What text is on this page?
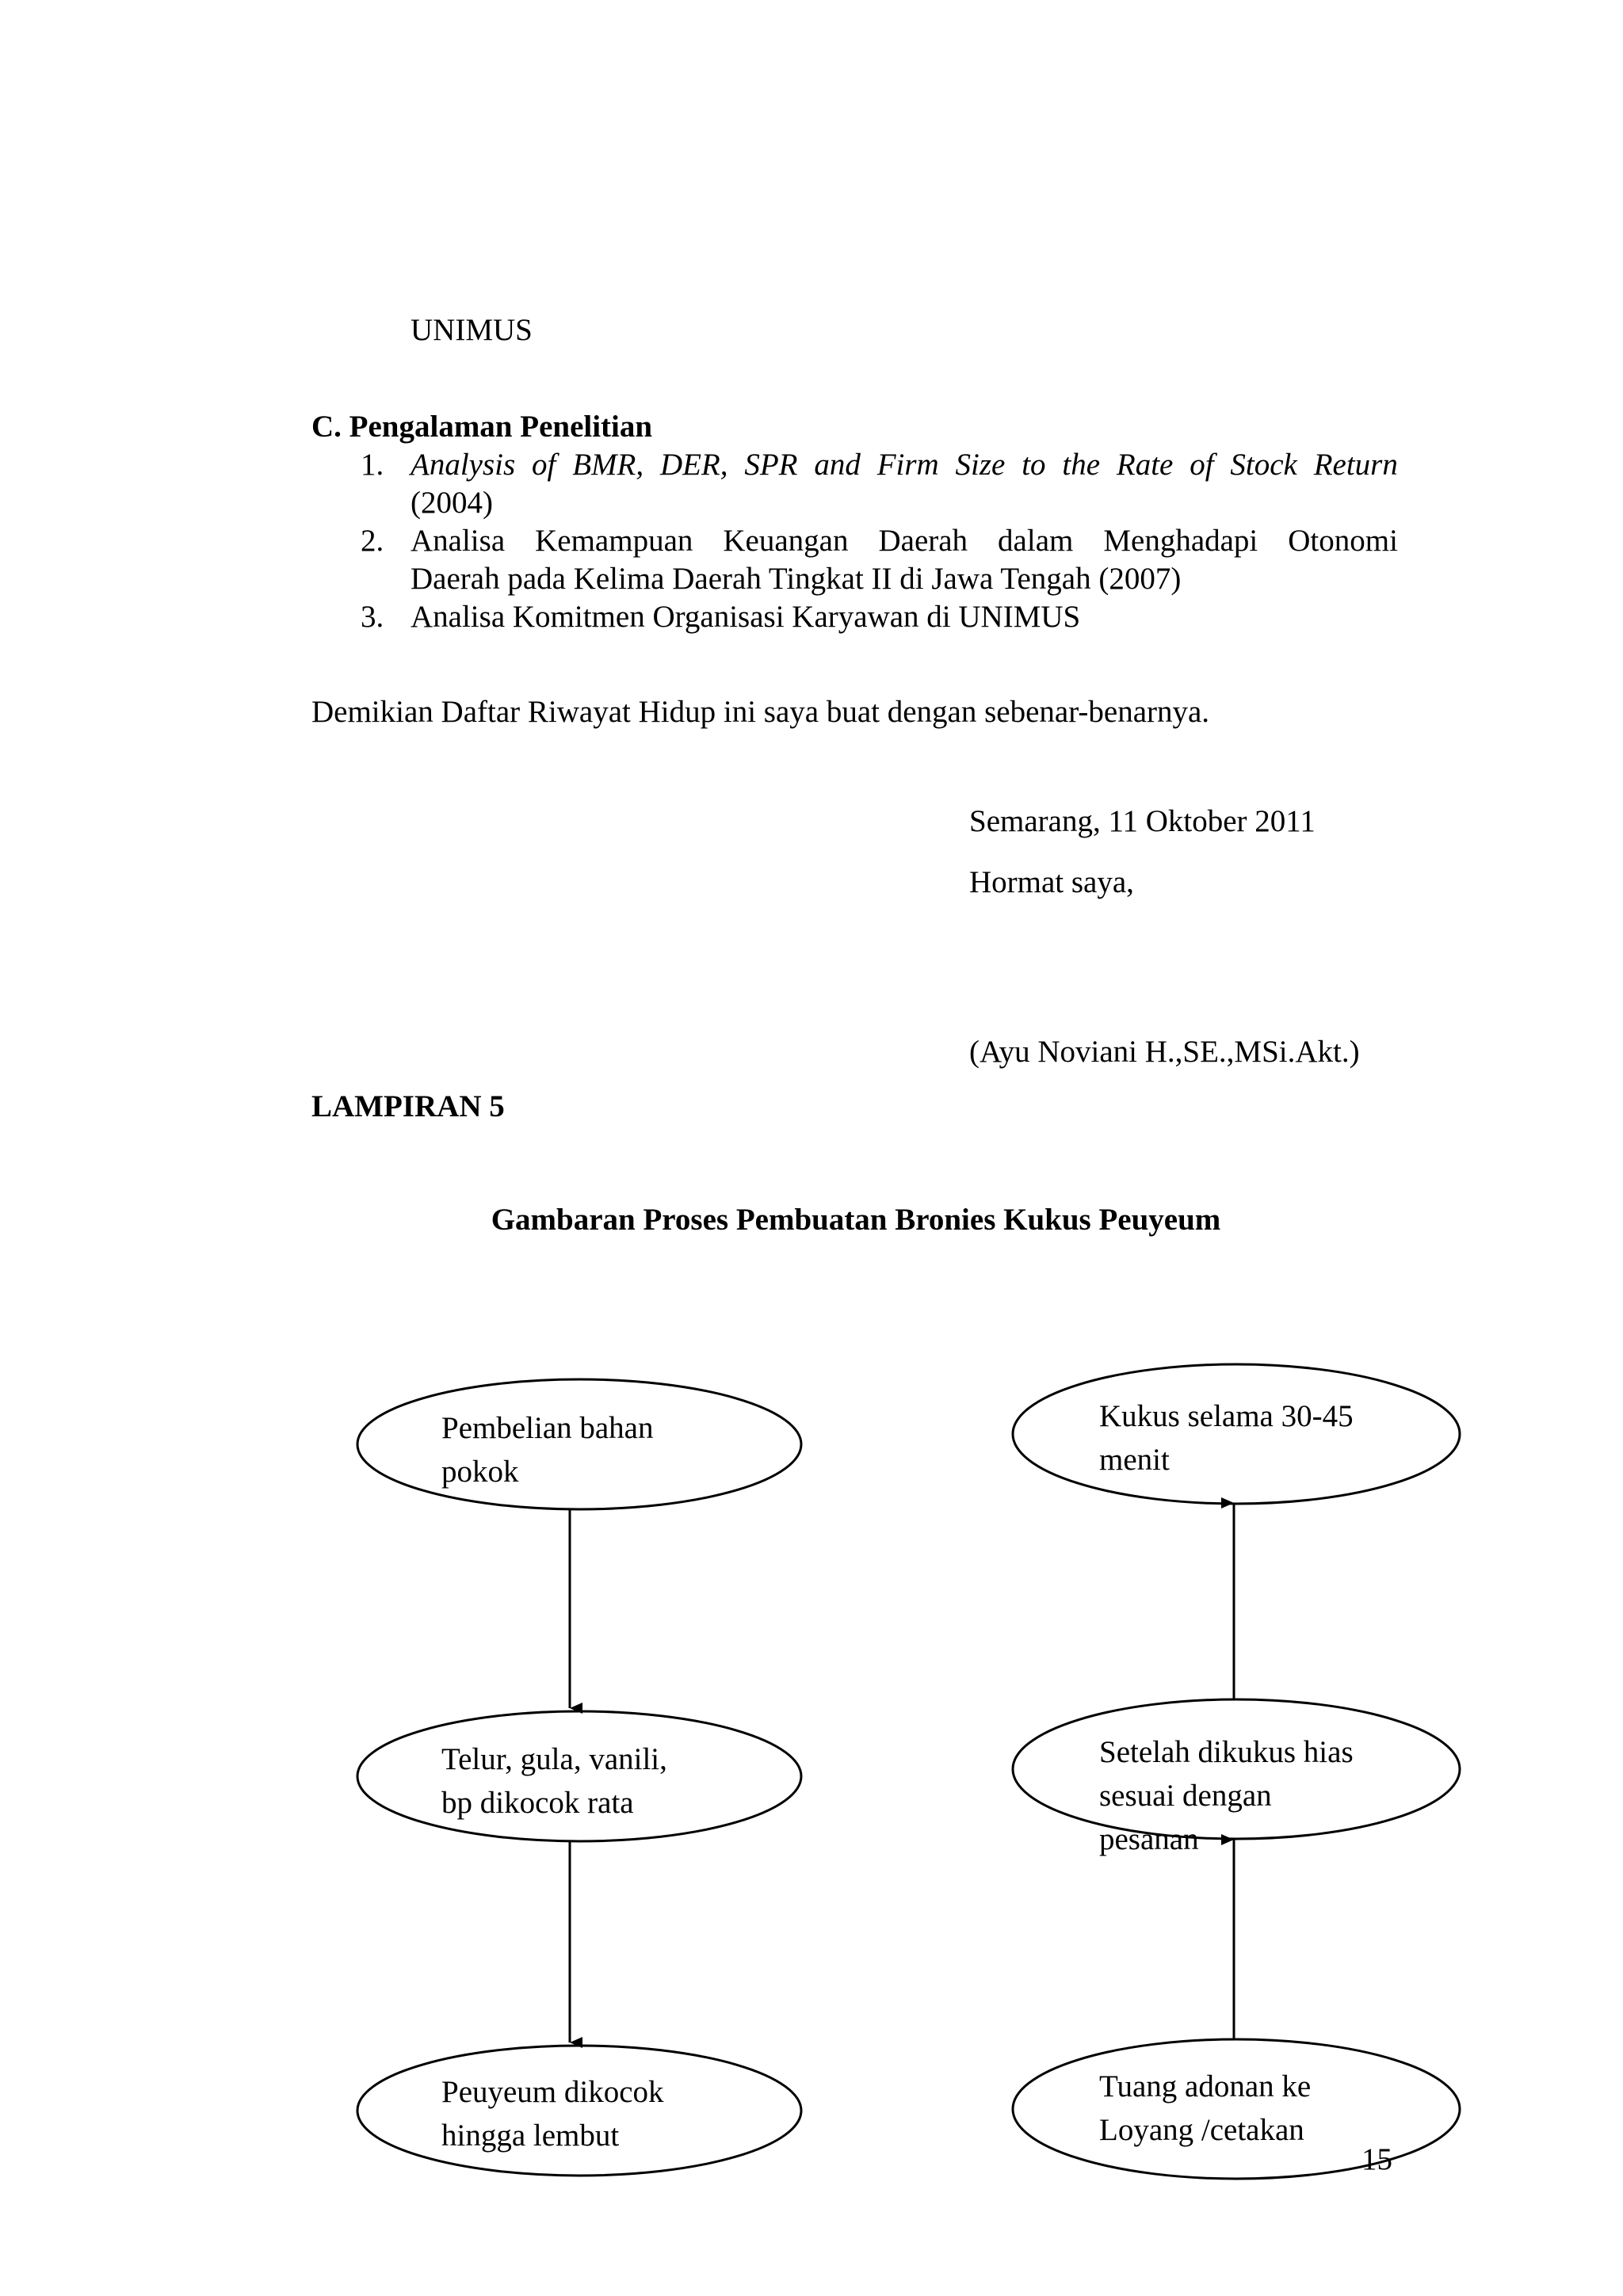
UNIMUS
C. Pengalaman Penelitian
1. Analysis of BMR, DER, SPR and Firm Size to the Rate of Stock Return
(2004)
2. Analisa Kemampuan Keuangan Daerah dalam Menghadapi Otonomi
Daerah pada Kelima Daerah Tingkat II di Jawa Tengah (2007)
3. Analisa Komitmen Organisasi Karyawan di UNIMUS
Demikian Daftar Riwayat Hidup ini saya buat dengan sebenar-benarnya.
Semarang, 11 Oktober 2011
Hormat saya,
(Ayu Noviani H.,SE.,MSi.Akt.)
LAMPIRAN 5
Gambaran Proses Pembuatan Bronies Kukus Peuyeum
Pembelian bahan
pokok
Telur, gula, vanili,
bp dikocok rata
Peuyeum dikocok
hingga lembut
Tuang adonan ke
Loyang /cetakan
Setelah dikukus hias
sesuai dengan
pesanan
Kukus selama 30-45
menit
15
